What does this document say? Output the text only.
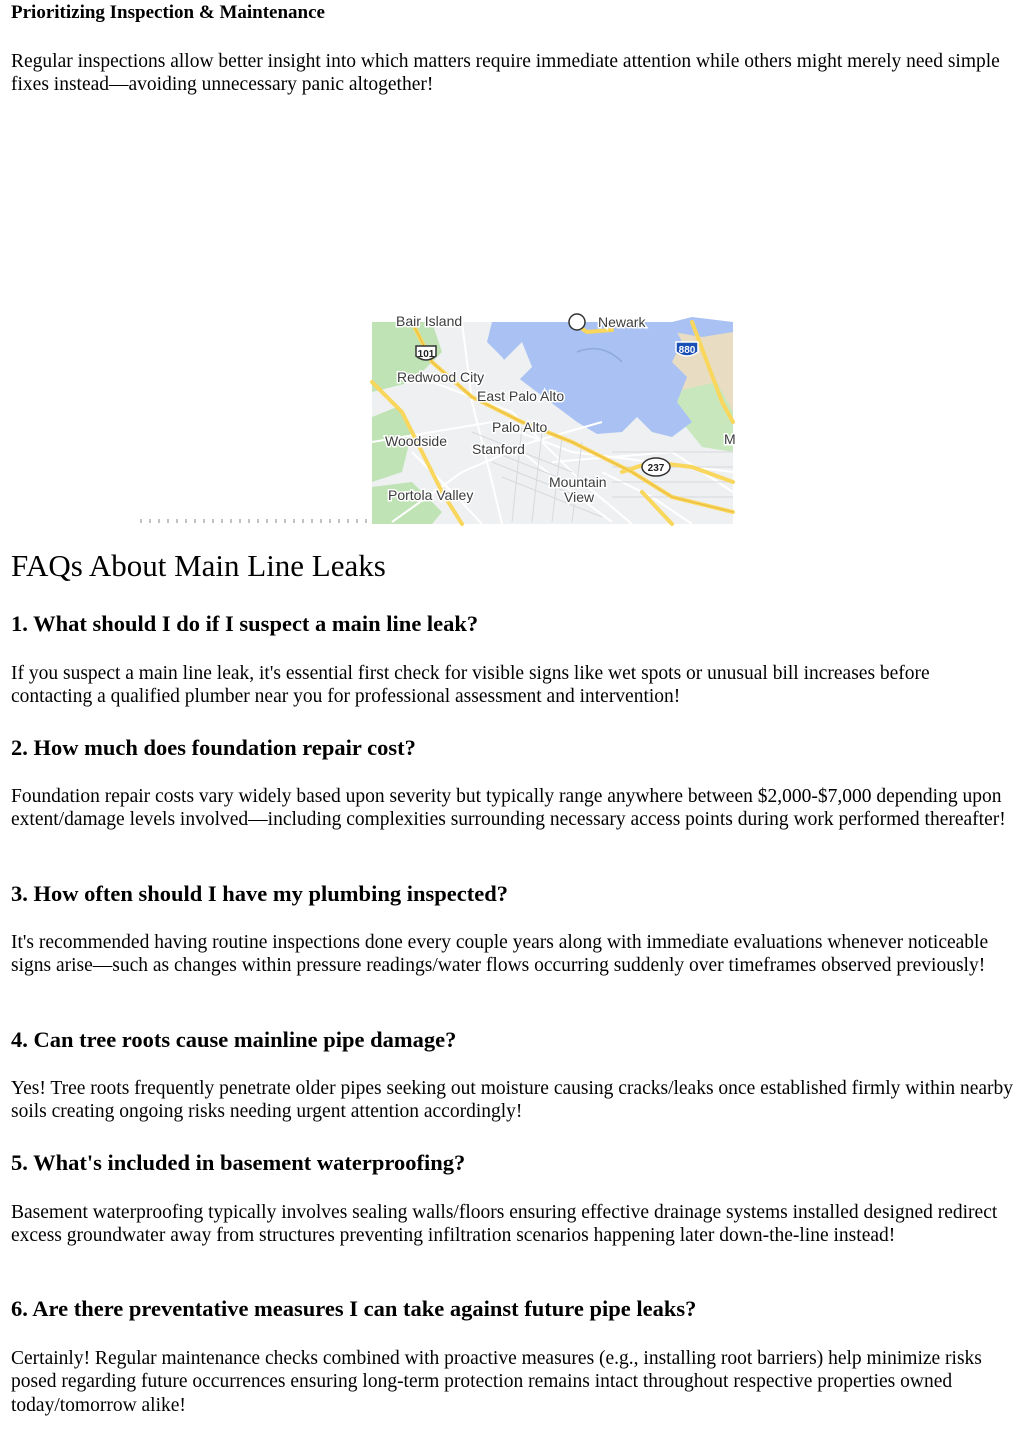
Prioritizing Inspection & Maintenance

Regular inspections allow better insight into which matters require immediate attention while others might merely need simple fixes instead—avoiding unnecessary panic altogether!

FAQs About Main Line Leaks
1. What should I do if I suspect a main line leak?

If you suspect a main line leak, it's essential first check for visible signs like wet spots or unusual bill increases before contacting a qualified plumber near you for professional assessment and intervention!

2. How much does foundation repair cost?

Foundation repair costs vary widely based upon severity but typically range anywhere between $2,000-$7,000 depending upon extent/damage levels involved—including complexities surrounding necessary access points during work performed thereafter!

3. How often should I have my plumbing inspected?

It's recommended having routine inspections done every couple years along with immediate evaluations whenever noticeable signs arise—such as changes within pressure readings/water flows occurring suddenly over timeframes observed previously!

4. Can tree roots cause mainline pipe damage?

Yes! Tree roots frequently penetrate older pipes seeking out moisture causing cracks/leaks once established firmly within nearby soils creating ongoing risks needing urgent attention accordingly!

5. What's included in basement waterproofing?

Basement waterproofing typically involves sealing walls/floors ensuring effective drainage systems installed designed redirect excess groundwater away from structures preventing infiltration scenarios happening later down-the-line instead!

6. Are there preventative measures I can take against future pipe leaks?

Certainly! Regular maintenance checks combined with proactive measures (e.g., installing root barriers) help minimize risks posed regarding future occurrences ensuring long-term protection remains intact throughout respective properties owned today/tomorrow alike!

101	880
237
Bair Island	Newark
Redwood City
East Palo Alto
Palo Alto
Woodside Stanford
Mountain
View
Portola Valley
M
